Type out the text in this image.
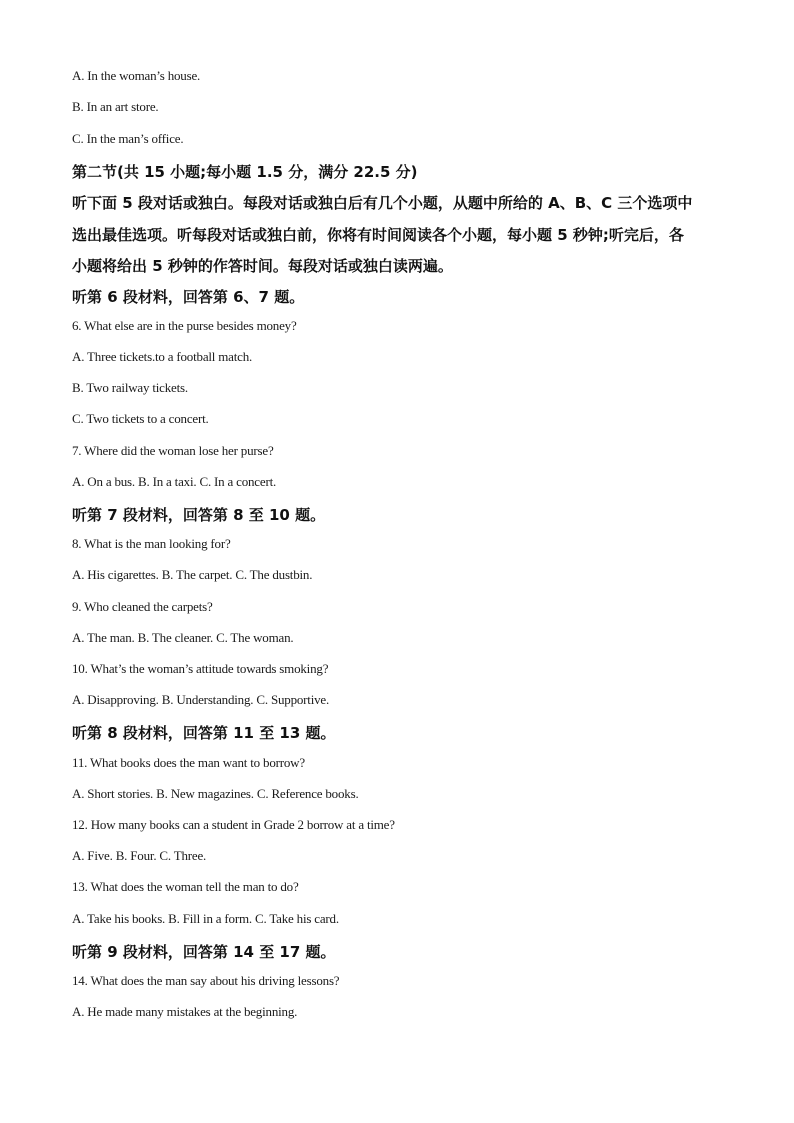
A. In the woman’s house.
B. In an art store.
C. In the man’s office.
第二节(共 15 小题;每小题 1.5 分，满分 22.5 分)
听下面 5 段对话或独白。每段对话或独白后有几个小题，从题中所给的 A、B、C 三个选项中
选出最佳选项。听每段对话或独白前，你将有时间阅读各个小题，每小题 5 秒钟;听完后，各
小题将给出 5 秒钟的作答时间。每段对话或独白读两遍。
听第 6 段材料，回答第 6、7 题。
6. What else are in the purse besides money?
A. Three tickets.to a football match.
B. Two railway tickets.
C. Two tickets to a concert.
7. Where did the woman lose her purse?
A. On a bus. B. In a taxi. C. In a concert.
听第 7 段材料，回答第 8 至 10 题。
8. What is the man looking for?
A. His cigarettes. B. The carpet. C. The dustbin.
9. Who cleaned the carpets?
A. The man. B. The cleaner. C. The woman.
10. What’s the woman’s attitude towards smoking?
A. Disapproving. B. Understanding. C. Supportive.
听第 8 段材料，回答第 11 至 13 题。
11. What books does the man want to borrow?
A. Short stories. B. New magazines. C. Reference books.
12. How many books can a student in Grade 2 borrow at a time?
A. Five. B. Four. C. Three.
13. What does the woman tell the man to do?
A. Take his books. B. Fill in a form. C. Take his card.
听第 9 段材料，回答第 14 至 17 题。
14. What does the man say about his driving lessons?
A. He made many mistakes at the beginning.
